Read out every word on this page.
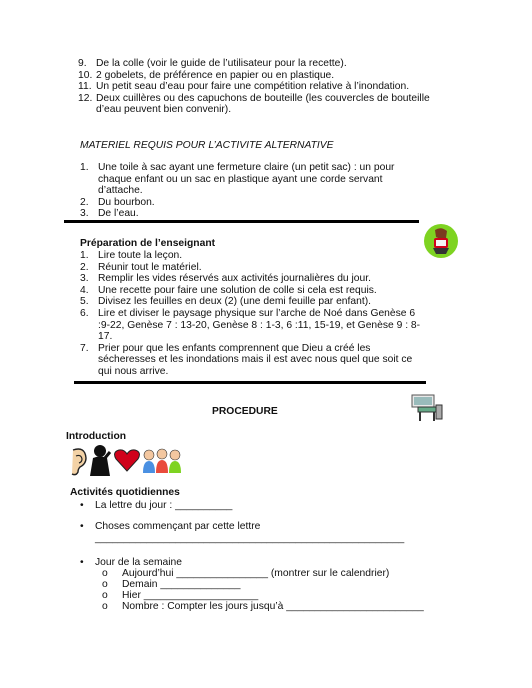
9. De la colle (voir le guide de l’utilisateur pour la recette).
10. 2 gobelets, de préférence en papier ou en plastique.
11. Un petit seau d’eau pour faire une compétition relative à l’inondation.
12. Deux cuillères ou des capuchons de bouteille (les couvercles de bouteille d’eau peuvent bien convenir).
MATERIEL REQUIS POUR L’ACTIVITE ALTERNATIVE
1. Une toile à sac ayant une fermeture claire (un petit sac) : un pour chaque enfant ou un sac en plastique ayant une corde servant d’attache.
2. Du bourbon.
3. De l’eau.
Préparation de l’enseignant
1. Lire toute la leçon.
2. Réunir tout le matériel.
3. Remplir les vides réservés aux activités journalières du jour.
4. Une recette pour faire une solution de colle si cela est requis.
5. Divisez les feuilles en deux (2) (une demi feuille par enfant).
6. Lire et diviser le paysage physique sur l’arche de Noé dans Genèse 6 :9-22, Genèse 7 : 13-20, Genèse 8 : 1-3, 6 :11, 15-19, et Genèse 9 : 8-17.
7. Prier pour que les enfants comprennent que Dieu a créé les sécheresses et les inondations mais il est avec nous quel que soit ce qui nous arrive.
PROCEDURE
Introduction
Activités quotidiennes
• La lettre du jour : __________
• Choses commençant par cette lettre
______________________________________________________
• Jour de la semaine
o Aujourd’hui ________________ (montrer sur le calendrier)
o Demain ______________
o Hier ____________________
o Nombre : Compter les jours jusqu’à ________________________
